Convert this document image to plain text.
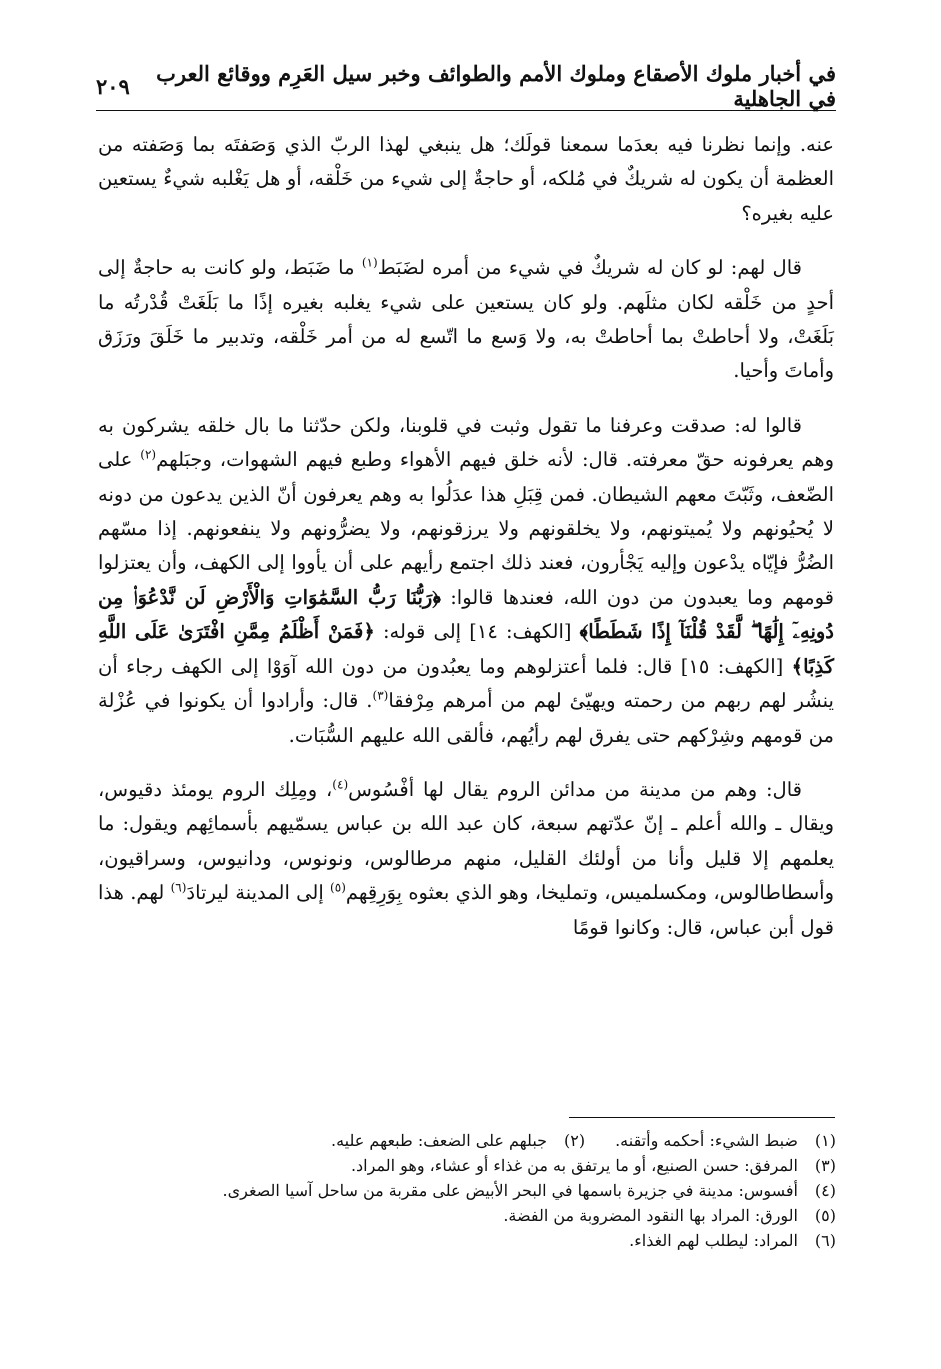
في أخبار ملوك الأصقاع وملوك الأمم والطوائف وخبر سيل العَرِم ووقائع العرب في الجاهلية
٢٠٩

عنه. وإنما نظرنا فيه بعدَما سمعنا قولَك؛ هل ينبغي لهذا الربّ الذي وَصَفتَه بما وَصَفته من العظمة أن يكون له شريكٌ في مُلكه، أو حاجةٌ إلى شيء من خَلْقه، أو هل يَغْلبه شيءٌ يستعين عليه بغيره؟

قال لهم: لو كان له شريكٌ في شيء من أمره لضَبَط$^{(١)}$ ما ضَبَط، ولو كانت به حاجةٌ إلى أحدٍ من خَلْقه لكان مثلَهم. ولو كان يستعين على شيء يغلبه بغيره إذًا ما بَلَغَتْ قُدْرتُه ما بَلَغَتْ، ولا أحاطتْ بما أحاطتْ به، ولا وَسع ما اتّسع له من أمر خَلْقه، وتدبير ما خَلَقَ ورَزَق وأماتَ وأحيا.

قالوا له: صدقت وعرفنا ما تقول وثبت في قلوبنا، ولكن حدّثنا ما بال خلقه يشركون به وهم يعرفونه حقّ معرفته. قال: لأنه خلق فيهم الأهواء وطبع فيهم الشهوات، وجبَلهم$^{(٢)}$ على الضّعف، وثَبّتَ معهم الشيطان. فمن قِبَلِ هذا عدَلُوا به وهم يعرفون أنّ الذين يدعون من دونه لا يُحيُونهم ولا يُميتونهم، ولا يخلقونهم ولا يرزقونهم، ولا يضرُّونهم ولا ينفعونهم. إذا مسّهم الضُرُّ فإيّاه يدْعون وإليه يَجْأرون، فعند ذلك اجتمع رأيهم على أن يأووا إلى الكهف، وأن يعتزلوا قومهم وما يعبدون من دون الله، فعندها قالوا: ﴿رَبُّنَا رَبُّ السَّمَٰوَاتِ وَالْأَرْضِ لَن نَّدْعُوَا۟ مِن دُونِهِۦٓ إِلَٰهًا ۖ لَّقَدْ قُلْنَآ إِذًا شَطَطًا﴾ [الكهف: ١٤] إلى قوله: ﴿فَمَنْ أَظْلَمُ مِمَّنِ افْتَرَىٰ عَلَى اللَّهِ كَذِبًا﴾ [الكهف: ١٥] قال: فلما أعتزلوهم وما يعبُدون من دون الله آوَوْا إلى الكهف رجاء أن ينشُر لهم ربهم من رحمته ويهيّئ لهم من أمرهم مِرْفقا$^{(٣)}$. قال: وأرادوا أن يكونوا في عُزْلة من قومهم وشِرْكهم حتى يفرق لهم رأيُهم، فألقى الله عليهم السُّبَات.

قال: وهم من مدينة من مدائن الروم يقال لها أفْسُوس$^{(٤)}$، ومِلِك الروم يومئذ دقيوس، ويقال ـ والله أعلم ـ إنّ عدّتهم سبعة، كان عبد الله بن عباس يسمّيهم بأسمائِهم ويقول: ما يعلمهم إلا قليل وأنا من أولئك القليل، منهم مرطالوس، ونونوس، ودانيوس، وسراقيون، وأسطاطالوس، ومكسلميس، وتمليخا، وهو الذي بعثوه بِوَرِقِهم$^{(٥)}$ إلى المدينة ليرتادَ$^{(٦)}$ لهم. هذا قول أبن عباس، قال: وكانوا قومًا

(١)
ضبط الشيء: أحكمه وأتقنه.
(٢)
جبلهم على الضعف: طبعهم عليه.
(٣)
المرفق: حسن الصنيع، أو ما يرتفق به من غذاء أو عشاء، وهو المراد.
(٤)
أفسوس: مدينة في جزيرة باسمها في البحر الأبيض على مقربة من ساحل آسيا الصغرى.
(٥)
الورق: المراد بها النقود المضروبة من الفضة.
(٦)
المراد: ليطلب لهم الغذاء.
